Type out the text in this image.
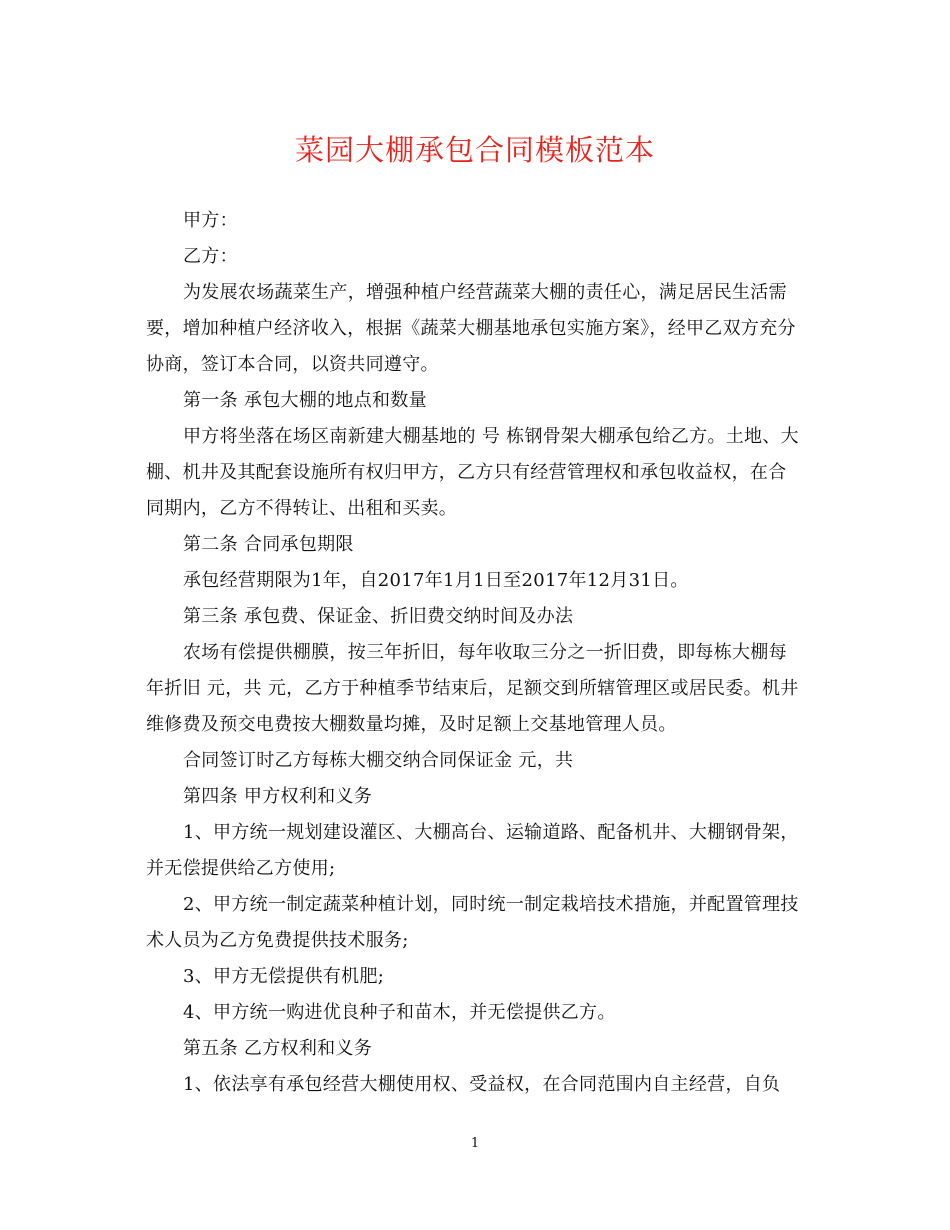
菜园大棚承包合同模板范本

甲方：

乙方：

为发展农场蔬菜生产，增强种植户经营蔬菜大棚的责任心，满足居民生活需要，增加种植户经济收入，根据《蔬菜大棚基地承包实施方案》，经甲乙双方充分协商，签订本合同，以资共同遵守。

第一条 承包大棚的地点和数量

甲方将坐落在场区南新建大棚基地的 号 栋钢骨架大棚承包给乙方。土地、大棚、机井及其配套设施所有权归甲方，乙方只有经营管理权和承包收益权，在合同期内，乙方不得转让、出租和买卖。

第二条 合同承包期限

承包经营期限为1年，自2017年1月1日至2017年12月31日。

第三条 承包费、保证金、折旧费交纳时间及办法

农场有偿提供棚膜，按三年折旧，每年收取三分之一折旧费，即每栋大棚每年折旧 元，共 元，乙方于种植季节结束后，足额交到所辖管理区或居民委。机井维修费及预交电费按大棚数量均摊，及时足额上交基地管理人员。

合同签订时乙方每栋大棚交纳合同保证金 元，共

第四条 甲方权利和义务

1、甲方统一规划建设灌区、大棚高台、运输道路、配备机井、大棚钢骨架，并无偿提供给乙方使用;

2、甲方统一制定蔬菜种植计划，同时统一制定栽培技术措施，并配置管理技术人员为乙方免费提供技术服务;

3、甲方无偿提供有机肥;

4、甲方统一购进优良种子和苗木，并无偿提供乙方。

第五条 乙方权利和义务

1、依法享有承包经营大棚使用权、受益权，在合同范围内自主经营，自负

1
